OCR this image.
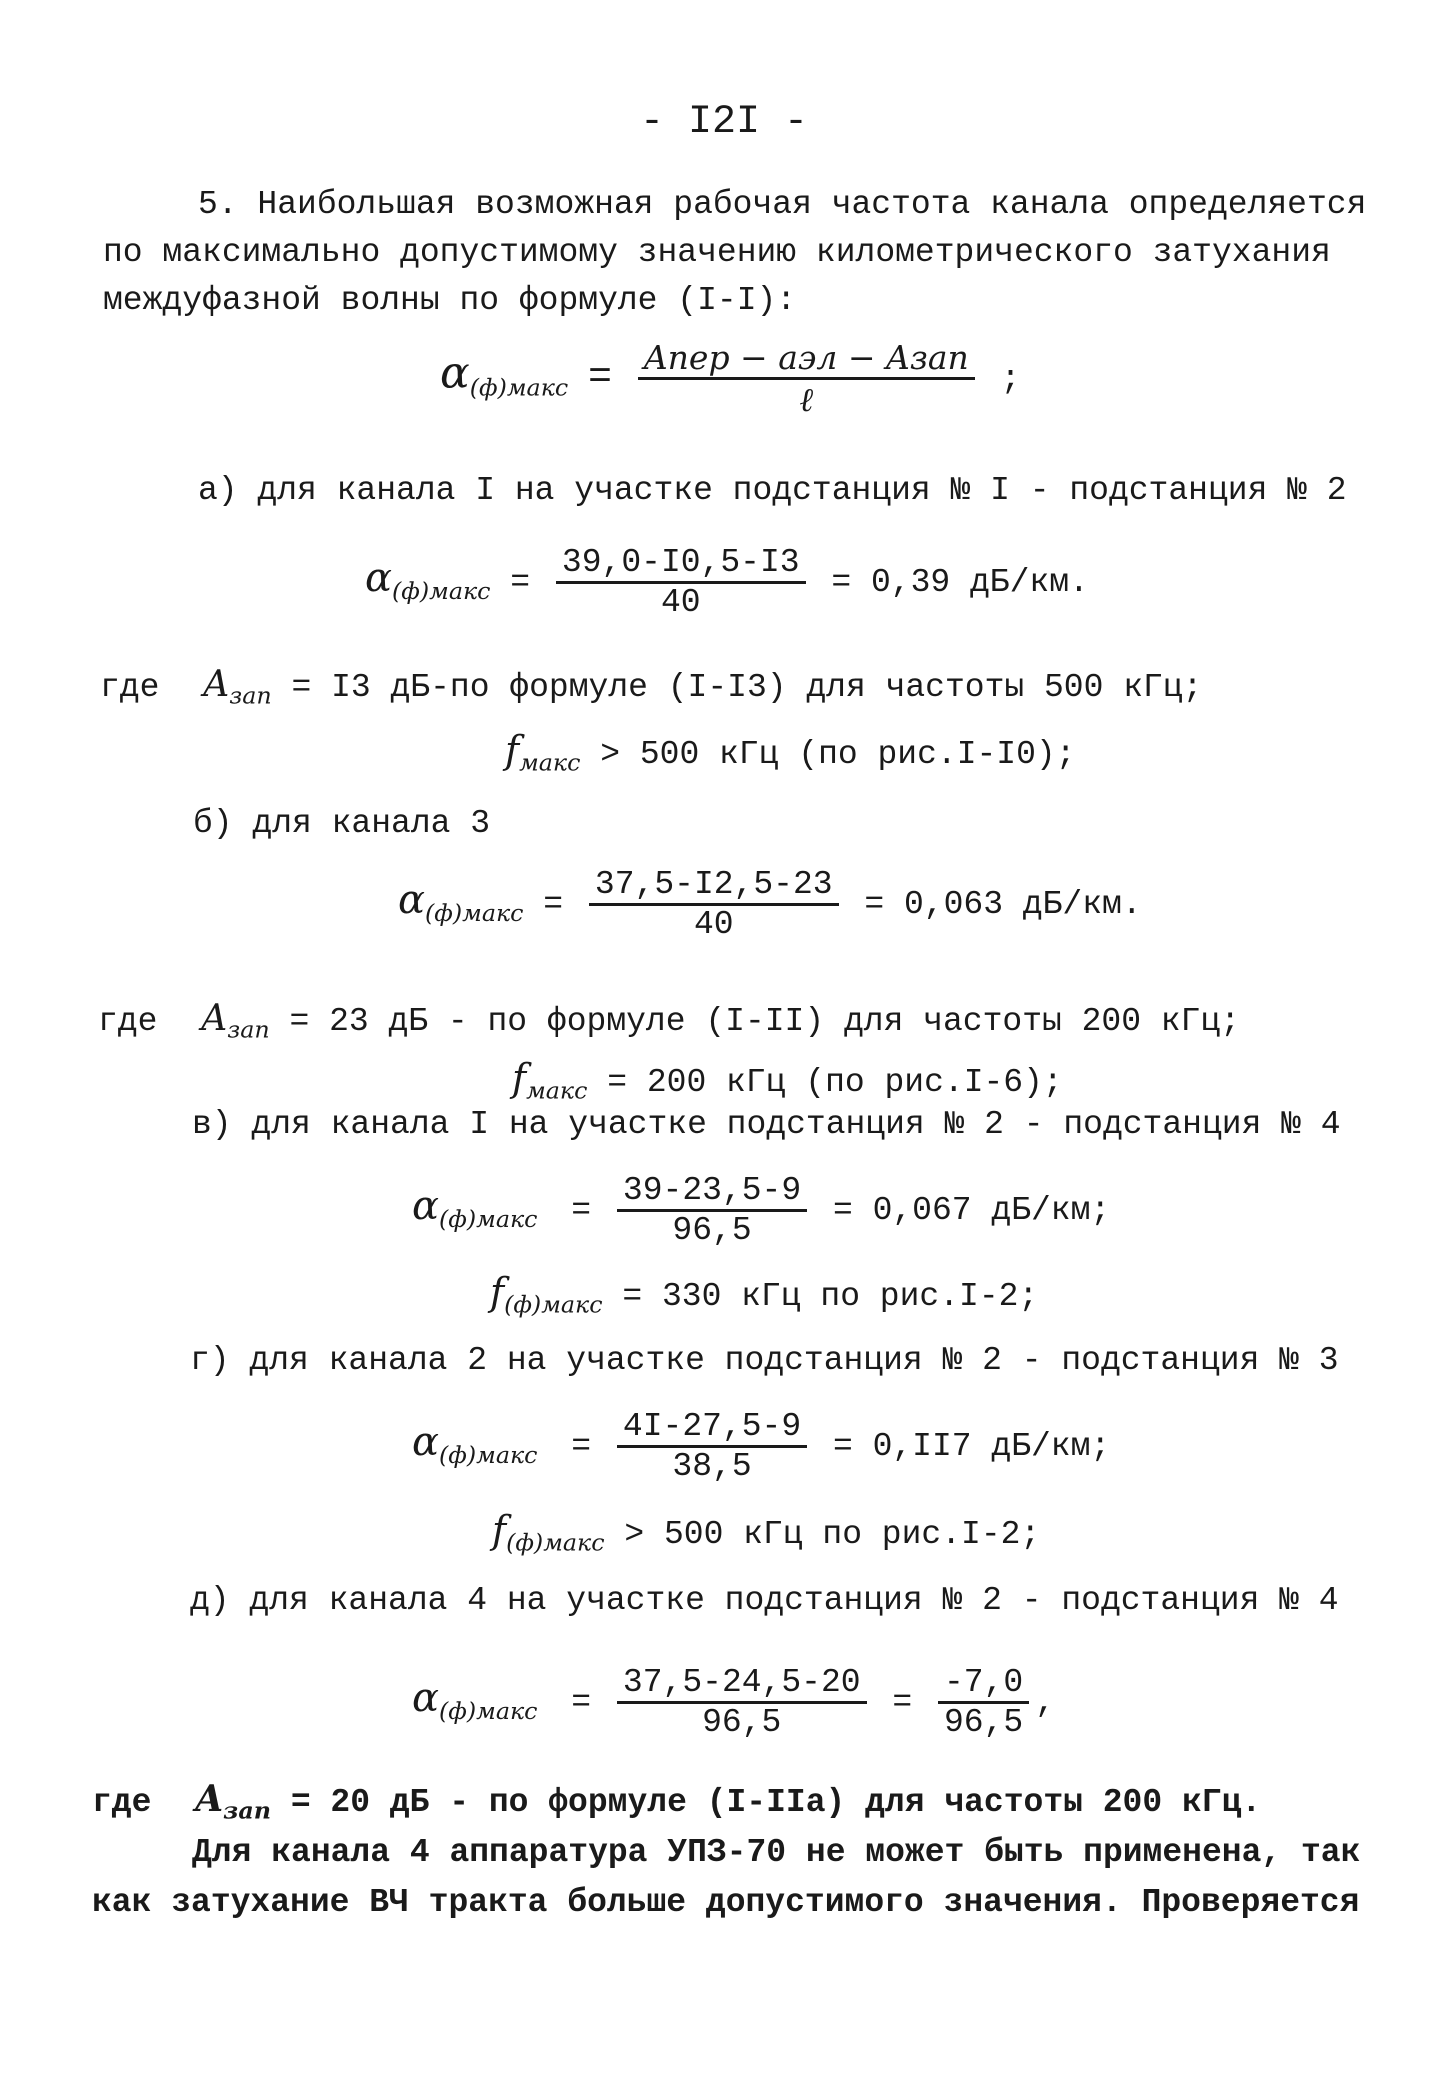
- I2I -
5. Наибольшая возможная рабочая частота канала определяется
по максимально допустимому значению километрического затухания
междуфазной волны по формуле (I-I):
$\alpha_{(ф)макс} = \frac{\text{Aпер − aэл − Aзап}}{\text{ℓ}}$ ;
а) для канала I на участке подстанция № I - подстанция № 2
$\alpha_{(ф)макс} = \frac{39,0-I0,5-I3}{40} = 0,39$ дБ/км.
где $A_{зап} = I3$ дБ-по формуле (I-I3) для частоты 500 кГц;
$f_{макс} > 500$ кГц (по рис.I-I0);
б) для канала 3
$\alpha_{(ф)макс} = \frac{37,5-I2,5-23}{40} = 0,063$ дБ/км.
где $A_{зап} = 23$ дБ - по формуле (I-II) для частоты 200 кГц;
$f_{макс} = 200$ кГц (по рис.I-6);
в) для канала I на участке подстанция № 2 - подстанция № 4
$\alpha_{(ф)макс} = \frac{39-23,5-9}{96,5} = 0,067$ дБ/км;
$f_{(ф)макс} = 330$ кГц по рис.I-2;
г) для канала 2 на участке подстанция № 2 - подстанция № 3
$\alpha_{(ф)макс} = \frac{4I-27,5-9}{38,5} = 0,II7$ дБ/км;
$f_{(ф)макс} > 500$ кГц по рис.I-2;
д) для канала 4 на участке подстанция № 2 - подстанция № 4
$\alpha_{(ф)макс} = \frac{37,5-24,5-20}{96,5} = \frac{-7,0}{96,5}$ ,
где $A_{зап} = 20$ дБ - по формуле (I-IIа) для частоты 200 кГц.
Для канала 4 аппаратура УПЗ-70 не может быть применена, так
как затухание ВЧ тракта больше допустимого значения. Проверяется
